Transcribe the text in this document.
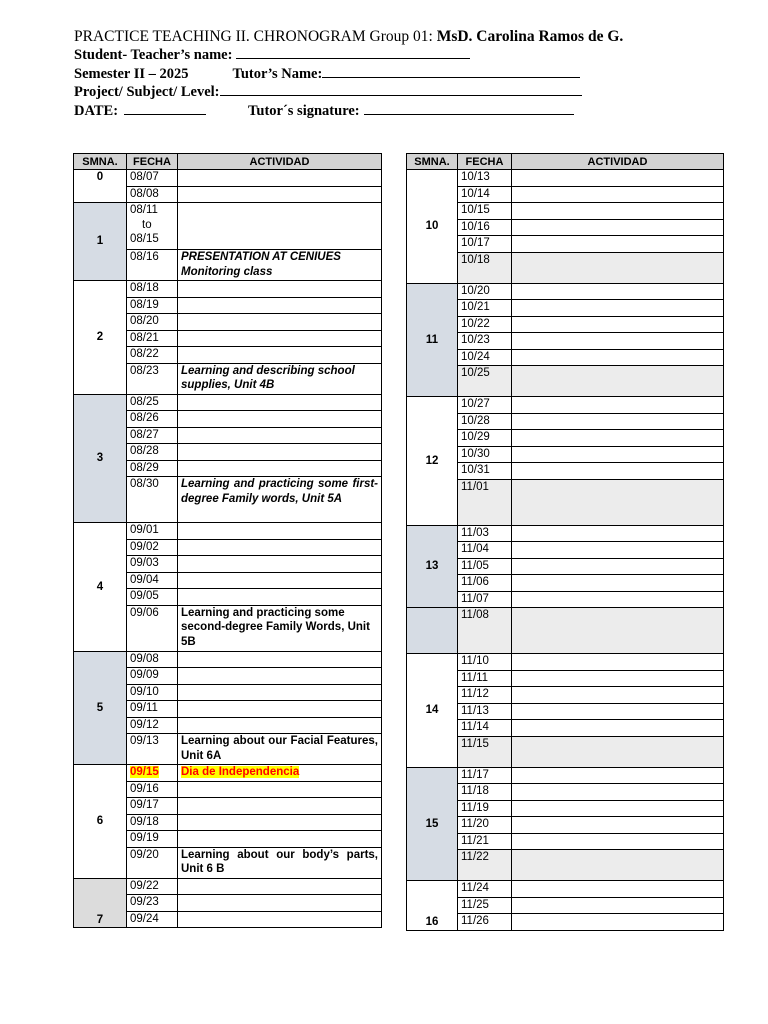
PRACTICE TEACHING II. CHRONOGRAM Group 01: MsD. Carolina Ramos de G.
Student- Teacher’s name:
Semester II – 2025	Tutor’s Name:
Project/ Subject/ Level:
DATE:	Tutor´s signature:
SMNA.	FECHA	ACTIVIDAD
0	08/07	
	08/08	
1	08/11
to
08/15	

	08/16	PRESENTATION AT CENIUES
Monitoring class

2	08/18	
	08/19	
	08/20	
	08/21	
	08/22	
	08/23	Learning and describing school supplies, Unit 4B
3	08/25	
	08/26	
	08/27	
	08/28	
	08/29	
	08/30	Learning and practicing some first-degree Family words, Unit 5A
4	09/01	
	09/02	
	09/03	
	09/04	
	09/05	
	09/06	Learning and practicing some second-degree Family Words, Unit 5B
5	09/08	
	09/09	
	09/10	
	09/11	
	09/12	
	09/13	Learning about our Facial Features, Unit 6A
6	09/15	Dia de Independencia
	09/16	
	09/17	
	09/18	
	09/19	
	09/20	Learning about our body’s parts, Unit 6 B
7	09/22	
	09/23	
	09/24	
SMNA.	FECHA	ACTIVIDAD
10	10/13	
	10/14	
	10/15	
	10/16	
	10/17	
	10/18	
11	10/20	
	10/21	
	10/22	
	10/23	
	10/24	
	10/25	
12	10/27	
	10/28	
	10/29	
	10/30	
	10/31	
	11/01	
13	11/03	
	11/04	
	11/05	
	11/06	
	11/07	
	11/08	
14	11/10	
	11/11	
	11/12	
	11/13	
	11/14	
	11/15	
15	11/17	
	11/18	
	11/19	
	11/20	
	11/21	
	11/22	
16	11/24	
	11/25	
	11/26	
